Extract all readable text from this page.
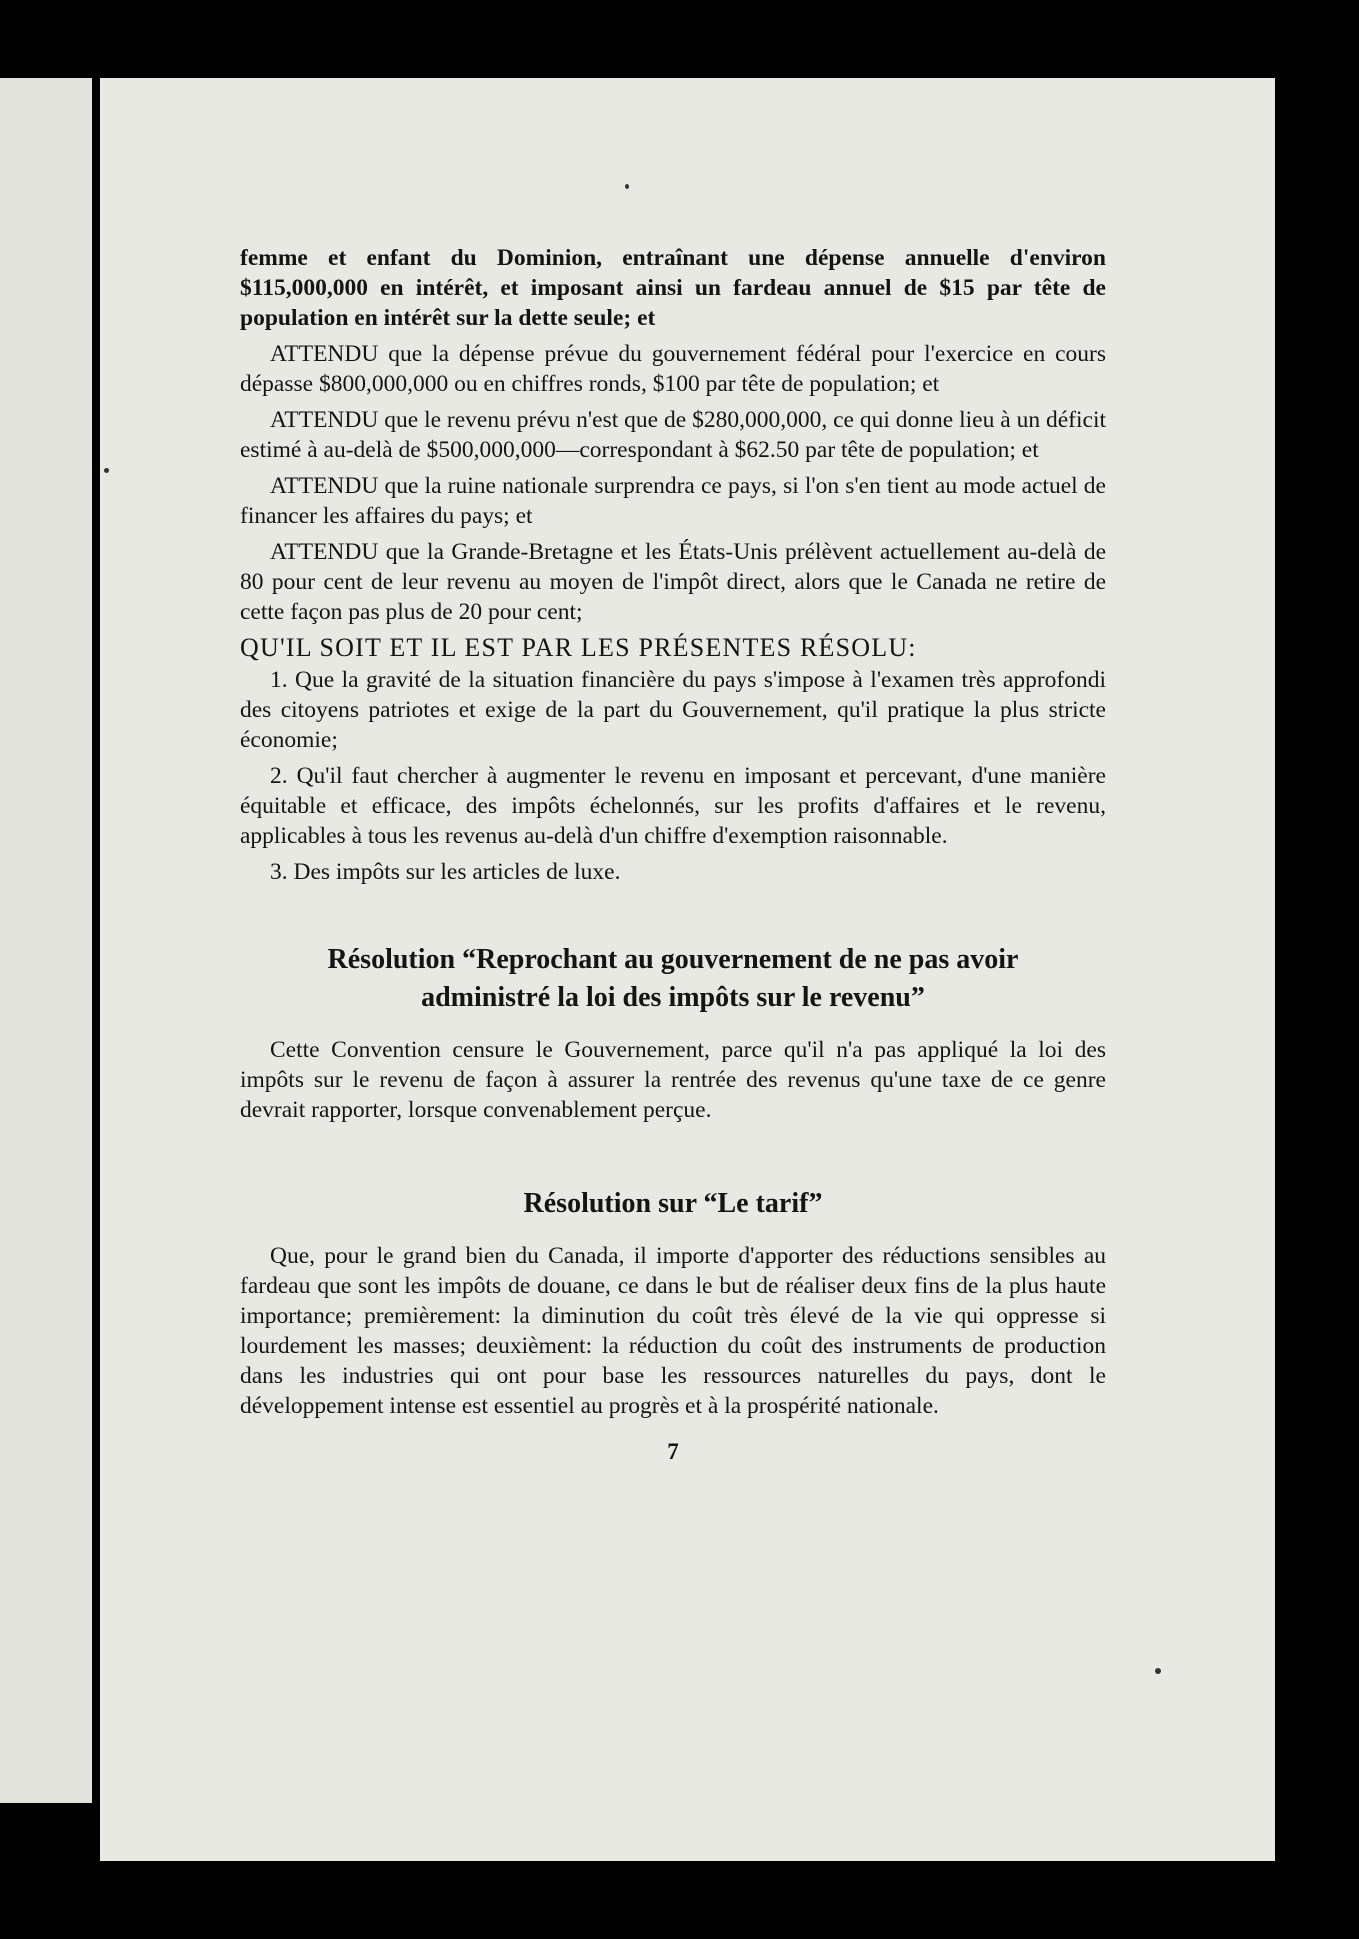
femme et enfant du Dominion, entraînant une dépense annuelle d'environ $115,000,000 en intérêt, et imposant ainsi un fardeau annuel de $15 par tête de population en intérêt sur la dette seule; et

ATTENDU que la dépense prévue du gouvernement fédéral pour l'exercice en cours dépasse $800,000,000 ou en chiffres ronds, $100 par tête de population; et

ATTENDU que le revenu prévu n'est que de $280,000,000, ce qui donne lieu à un déficit estimé à au-delà de $500,000,000—correspondant à $62.50 par tête de population; et

ATTENDU que la ruine nationale surprendra ce pays, si l'on s'en tient au mode actuel de financer les affaires du pays; et

ATTENDU que la Grande-Bretagne et les États-Unis prélèvent actuellement au-delà de 80 pour cent de leur revenu au moyen de l'impôt direct, alors que le Canada ne retire de cette façon pas plus de 20 pour cent;

QU'IL SOIT ET IL EST PAR LES PRÉSENTES RÉSOLU:

1. Que la gravité de la situation financière du pays s'impose à l'examen très approfondi des citoyens patriotes et exige de la part du Gouvernement, qu'il pratique la plus stricte économie;

2. Qu'il faut chercher à augmenter le revenu en imposant et percevant, d'une manière équitable et efficace, des impôts échelonnés, sur les profits d'affaires et le revenu, applicables à tous les revenus au-delà d'un chiffre d'exemption raisonnable.

3. Des impôts sur les articles de luxe.

Résolution “Reprochant au gouvernement de ne pas avoir administré la loi des impôts sur le revenu”

Cette Convention censure le Gouvernement, parce qu'il n'a pas appliqué la loi des impôts sur le revenu de façon à assurer la rentrée des revenus qu'une taxe de ce genre devrait rapporter, lorsque convenablement perçue.

Résolution sur “Le tarif”

Que, pour le grand bien du Canada, il importe d'apporter des réductions sensibles au fardeau que sont les impôts de douane, ce dans le but de réaliser deux fins de la plus haute importance; premièrement: la diminution du coût très élevé de la vie qui oppresse si lourdement les masses; deuxièment: la réduction du coût des instruments de production dans les industries qui ont pour base les ressources naturelles du pays, dont le développement intense est essentiel au progrès et à la prospérité nationale.

7
